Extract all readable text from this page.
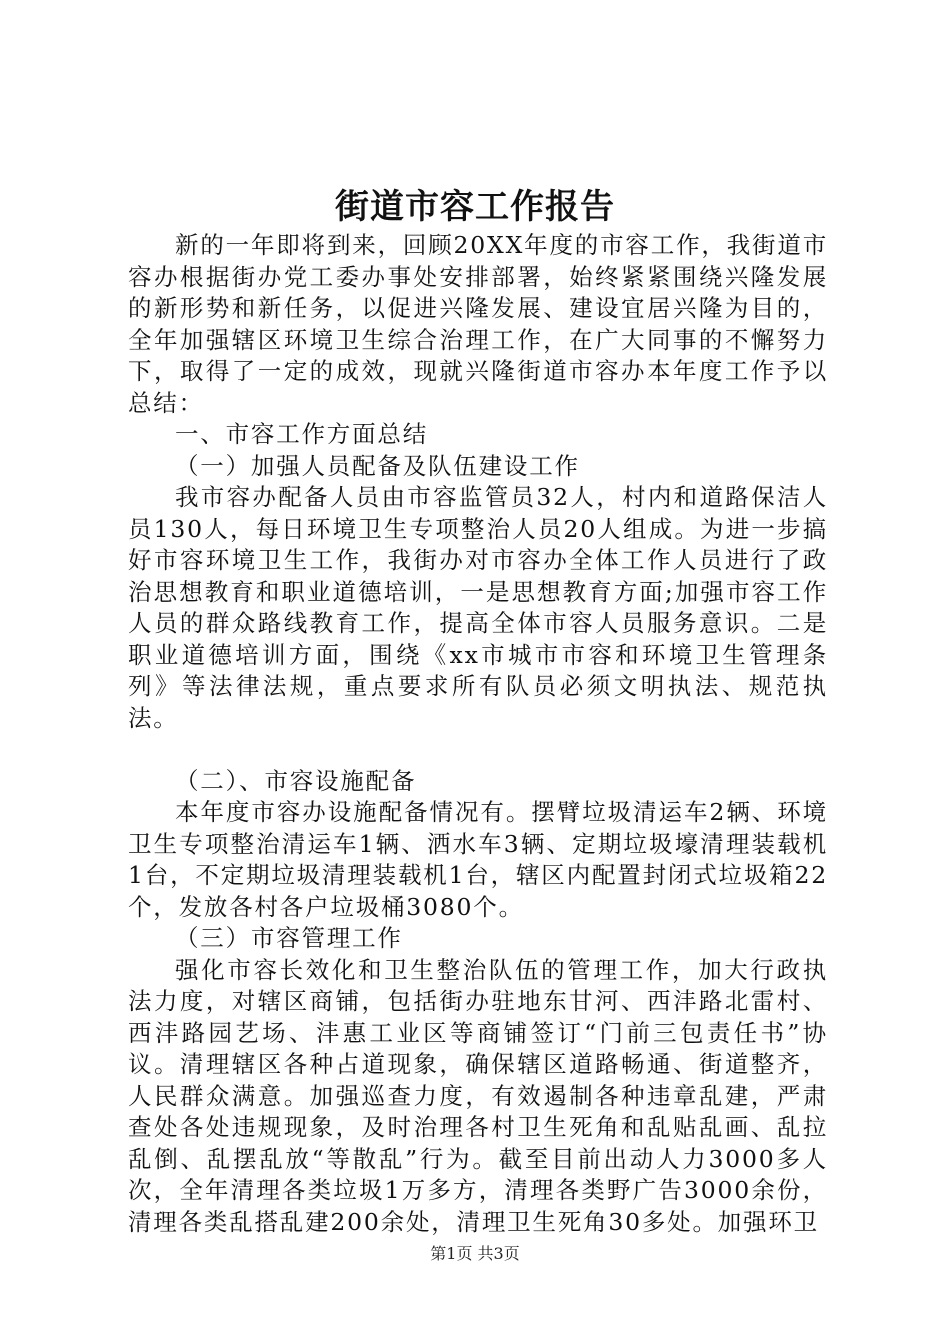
街道市容工作报告

新的一年即将到来，回顾20XX年度的市容工作，我街道市容办根据街办党工委办事处安排部署，始终紧紧围绕兴隆发展的新形势和新任务，以促进兴隆发展、建设宜居兴隆为目的，全年加强辖区环境卫生综合治理工作，在广大同事的不懈努力下，取得了一定的成效，现就兴隆街道市容办本年度工作予以总结：

一、市容工作方面总结

（一）加强人员配备及队伍建设工作

我市容办配备人员由市容监管员32人，村内和道路保洁人员130人，每日环境卫生专项整治人员20人组成。为进一步搞好市容环境卫生工作，我街办对市容办全体工作人员进行了政治思想教育和职业道德培训，一是思想教育方面;加强市容工作人员的群众路线教育工作，提高全体市容人员服务意识。二是职业道德培训方面，围绕《xx市城市市容和环境卫生管理条列》等法律法规，重点要求所有队员必须文明执法、规范执法。

（二）、市容设施配备

本年度市容办设施配备情况有。摆臂垃圾清运车2辆、环境卫生专项整治清运车1辆、洒水车3辆、定期垃圾壕清理装载机1台，不定期垃圾清理装载机1台，辖区内配置封闭式垃圾箱22个，发放各村各户垃圾桶3080个。

（三）市容管理工作

强化市容长效化和卫生整治队伍的管理工作，加大行政执法力度，对辖区商铺，包括街办驻地东甘河、西沣路北雷村、西沣路园艺场、沣惠工业区等商铺签订“门前三包责任书”协议。清理辖区各种占道现象，确保辖区道路畅通、街道整齐，人民群众满意。加强巡查力度，有效遏制各种违章乱建，严肃查处各处违规现象，及时治理各村卫生死角和乱贴乱画、乱拉乱倒、乱摆乱放“等散乱”行为。截至目前出动人力3000多人次，全年清理各类垃圾1万多方，清理各类野广告3000余份，清理各类乱搭乱建200余处，清理卫生死角30多处。加强环卫

第1页 共3页
